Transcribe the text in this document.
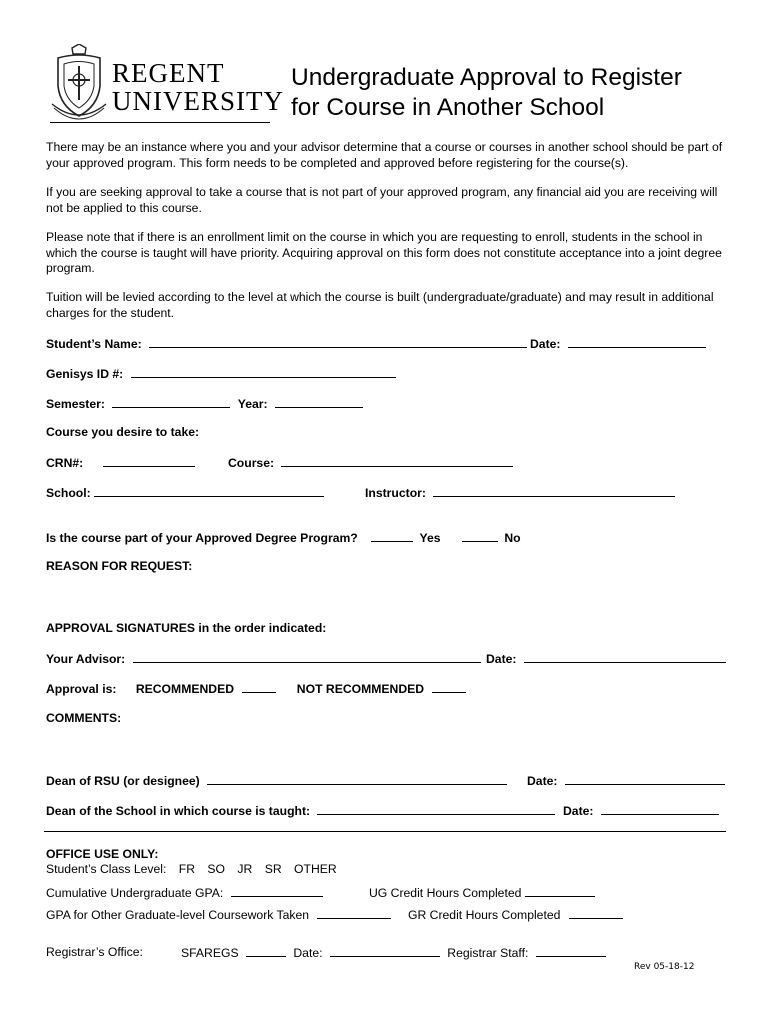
REGENT
UNIVERSITY
Undergraduate Approval to Register
for Course in Another School
There may be an instance where you and your advisor determine that a course or courses in another school should be part of your approved program. This form needs to be completed and approved before registering for the course(s).
If you are seeking approval to take a course that is not part of your approved program, any financial aid you are receiving will not be applied to this course.
Please note that if there is an enrollment limit on the course in which you are requesting to enroll, students in the school in which the course is taught will have priority. Acquiring approval on this form does not constitute acceptance into a joint degree program.
Tuition will be levied according to the level at which the course is built (undergraduate/graduate) and may result in additional charges for the student.
Student’s Name:	Date:
Genisys ID #:
Semester:	Year:
Course you desire to take:
CRN#:	Course:
School:	Instructor:
Is the course part of your Approved Degree Program?	Yes	No
REASON FOR REQUEST:
APPROVAL SIGNATURES in the order indicated:
Your Advisor:	Date:
Approval is: RECOMMENDED	NOT RECOMMENDED
COMMENTS:
Dean of RSU (or designee)	Date:
Dean of the School in which course is taught:	Date:
OFFICE USE ONLY:
Student’s Class Level: FR SO JR SR OTHER
Cumulative Undergraduate GPA:	UG Credit Hours Completed
GPA for Other Graduate-level Coursework Taken	GR Credit Hours Completed
Registrar’s Office:	SFAREGS	Date:	Registrar Staff:
Rev 05-18-12
